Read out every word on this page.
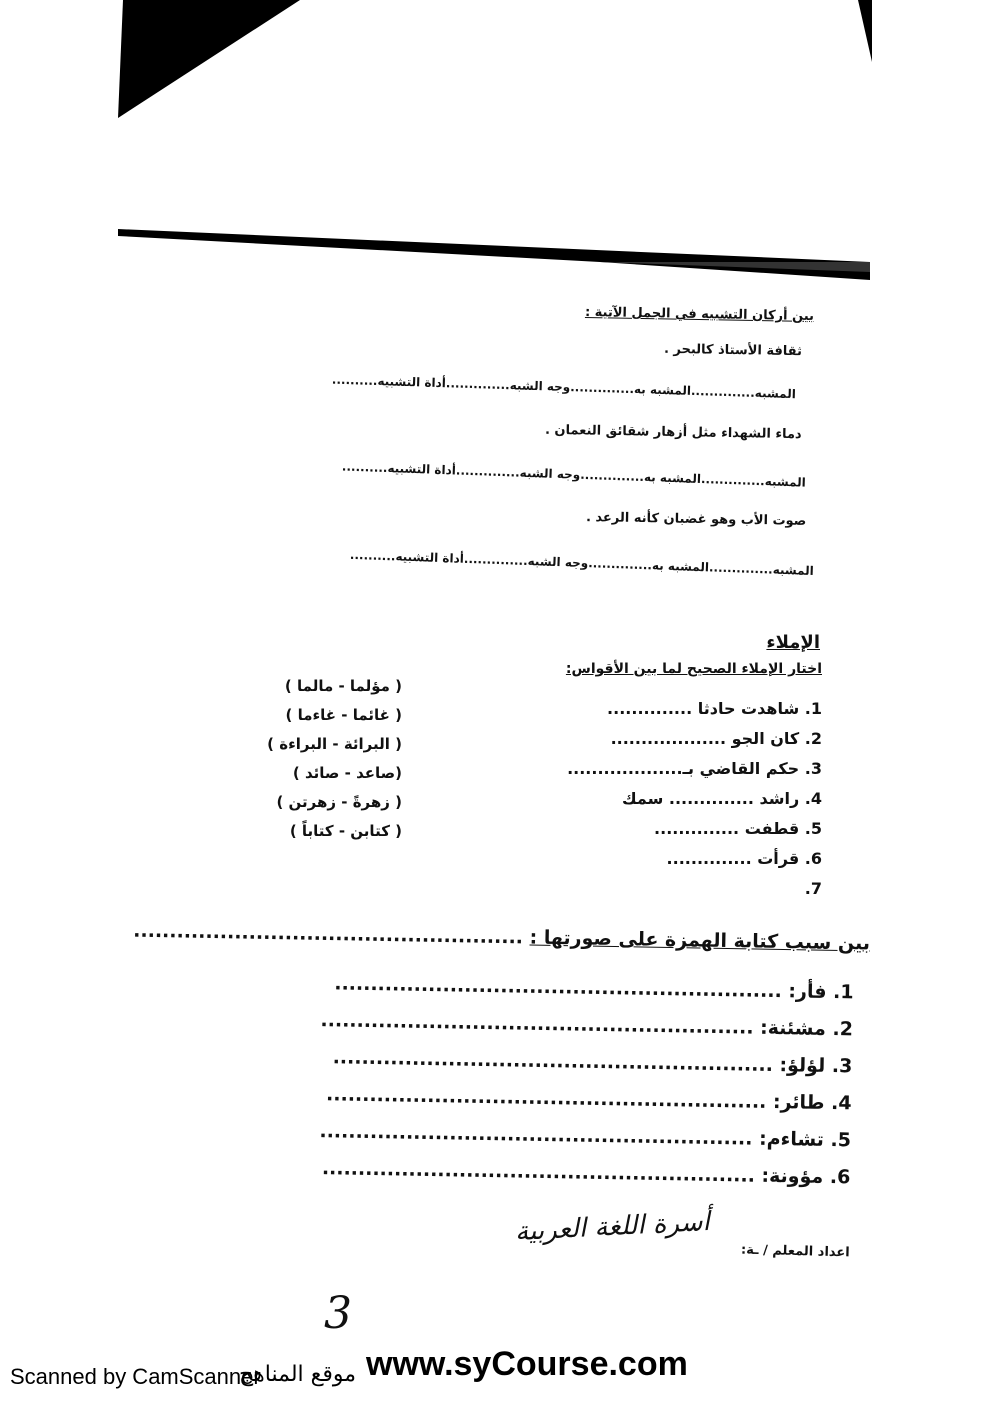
بين أركان التشبيه في الجمل الآتية :
ثقافة الأستاذ كالبحر .
المشبه..............المشبه به..............وجه الشبه..............أداة التشبيه..........
دماء الشهداء مثل أزهار شقائق النعمان .
المشبه..............المشبه به..............وجه الشبه..............أداة التشبيه..........
صوت الأب وهو غضبان كأنه الرعد .
المشبه..............المشبه به..............وجه الشبه..............أداة التشبيه..........
الإملاء
اختار الإملاء الصحيح لما بين الأقواس:
1. شاهدت حادثا ..............
2. كان الجو ...................
3. حكم القاضي بـ...................
4. راشد .............. سمك
5. قطفت ..............
6. قرأت ..............
7.
( مؤلما - مالما )
( غائما - غاءما )
( البرائة - البراءة )
(صاعد - صائد )
( زهرةً - زهرتن )
( كتابن - كتاباً )
بين سبب كتابة الهمزة على صورتها : ......................................................
1. فأر: ..............................................................
2. مشئنة: ............................................................
3. لؤلؤ: .............................................................
4. طائر: .............................................................
5. تشاءم: ............................................................
6. مؤونة: ............................................................
اعداد المعلم / ـة:
أسرة اللغة العربية
3
Scanned by CamScanner
موقع المناهج www.syCourse.com
